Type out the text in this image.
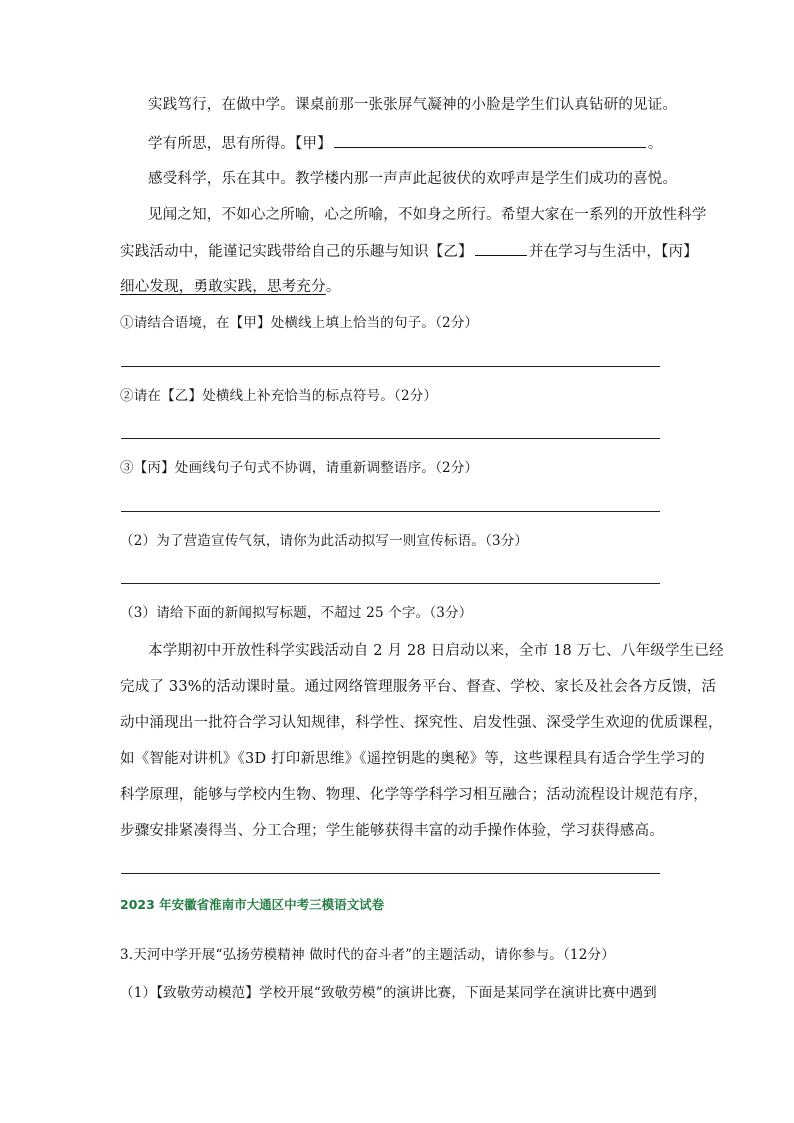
实践笃行，在做中学。课桌前那一张张屏气凝神的小脸是学生们认真钻研的见证。
学有所思，思有所得。【甲】	。
感受科学，乐在其中。教学楼内那一声声此起彼伏的欢呼声是学生们成功的喜悦。
见闻之知，不如心之所喻，心之所喻，不如身之所行。希望大家在一系列的开放性科学
实践活动中，能谨记实践带给自己的乐趣与知识【乙】	并在学习与生活中，【丙】
细心发现，勇敢实践，思考充分。
①请结合语境，在【甲】处横线上填上恰当的句子。（2分）
②请在【乙】处横线上补充恰当的标点符号。（2分）
③【丙】处画线句子句式不协调，请重新调整语序。（2分）
（2）为了营造宣传气氛，请你为此活动拟写一则宣传标语。（3分）
（3）请给下面的新闻拟写标题，不超过 25 个字。（3分）
本学期初中开放性科学实践活动自 2 月 28 日启动以来，全市 18 万七、八年级学生已经
完成了 33%的活动课时量。通过网络管理服务平台、督查、学校、家长及社会各方反馈，活
动中涌现出一批符合学习认知规律，科学性、探究性、启发性强、深受学生欢迎的优质课程，
如《智能对讲机》《3D 打印新思维》《遥控钥匙的奥秘》等，这些课程具有适合学生学习的
科学原理，能够与学校内生物、物理、化学等学科学习相互融合；活动流程设计规范有序，
步骤安排紧凑得当、分工合理；学生能够获得丰富的动手操作体验，学习获得感高。
2023 年安徽省淮南市大通区中考三模语文试卷
3.天河中学开展“弘扬劳模精神 做时代的奋斗者”的主题活动，请你参与。（12分）
（1）【致敬劳动模范】学校开展“致敬劳模”的演讲比赛，下面是某同学在演讲比赛中遇到
